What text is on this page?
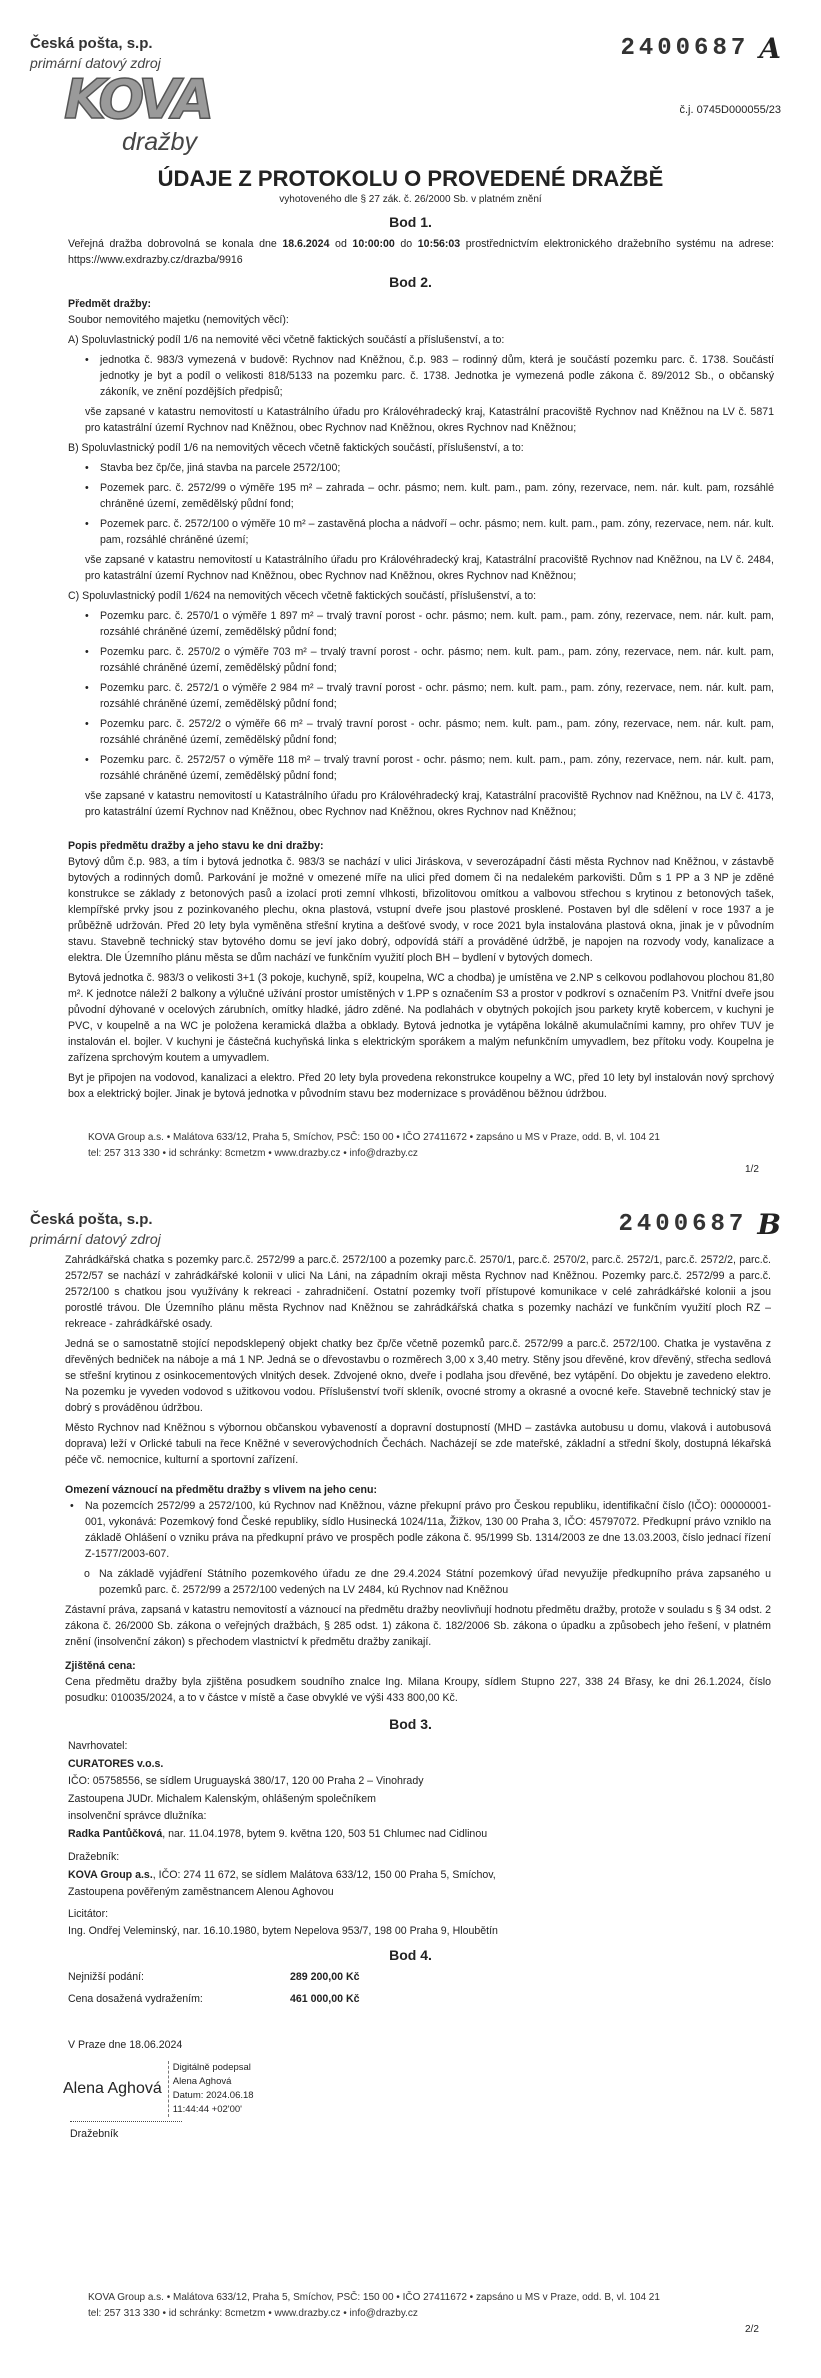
Česká pošta, s.p.
primární datový zdroj
KOVA
dražby
2400687 A
č.j. 0745D000055/23
ÚDAJE Z PROTOKOLU O PROVEDENÉ DRAŽBĚ
vyhotoveného dle § 27 zák. č. 26/2000 Sb. v platném znění
Bod 1.
Veřejná dražba dobrovolná se konala dne 18.6.2024 od 10:00:00 do 10:56:03 prostřednictvím elektronického dražebního systému na adrese: https://www.exdrazby.cz/drazba/9916
Bod 2.
Předmět dražby:

Soubor nemovitého majetku (nemovitých věcí):

A) Spoluvlastnický podíl 1/6 na nemovité věci včetně faktických součástí a příslušenství, a to:

• jednotka č. 983/3 vymezená v budově: Rychnov nad Kněžnou, č.p. 983 – rodinný dům, která je součástí pozemku parc. č. 1738. Součástí jednotky je byt a podíl o velikosti 818/5133 na pozemku parc. č. 1738. Jednotka je vymezená podle zákona č. 89/2012 Sb., o občanský zákoník, ve znění pozdějších předpisů;

vše zapsané v katastru nemovitostí u Katastrálního úřadu pro Královéhradecký kraj, Katastrální pracoviště Rychnov nad Kněžnou na LV č. 5871 pro katastrální území Rychnov nad Kněžnou, obec Rychnov nad Kněžnou, okres Rychnov nad Kněžnou;

B) Spoluvlastnický podíl 1/6 na nemovitých věcech včetně faktických součástí, příslušenství, a to:

• Stavba bez čp/če, jiná stavba na parcele 2572/100;
• Pozemek parc. č. 2572/99 o výměře 195 m² – zahrada – ochr. pásmo; nem. kult. pam., pam. zóny, rezervace, nem. nár. kult. pam, rozsáhlé chráněné území, zemědělský půdní fond;
• Pozemek parc. č. 2572/100 o výměře 10 m² – zastavěná plocha a nádvoří – ochr. pásmo; nem. kult. pam., pam. zóny, rezervace, nem. nár. kult. pam, rozsáhlé chráněné území;

vše zapsané v katastru nemovitostí u Katastrálního úřadu pro Královéhradecký kraj, Katastrální pracoviště Rychnov nad Kněžnou, na LV č. 2484, pro katastrální území Rychnov nad Kněžnou, obec Rychnov nad Kněžnou, okres Rychnov nad Kněžnou;

C) Spoluvlastnický podíl 1/624 na nemovitých věcech včetně faktických součástí, příslušenství, a to:

• Pozemku parc. č. 2570/1 o výměře 1 897 m² – trvalý travní porost - ochr. pásmo; nem. kult. pam., pam. zóny, rezervace, nem. nár. kult. pam, rozsáhlé chráněné území, zemědělský půdní fond;
• Pozemku parc. č. 2570/2 o výměře 703 m² – trvalý travní porost - ochr. pásmo; nem. kult. pam., pam. zóny, rezervace, nem. nár. kult. pam, rozsáhlé chráněné území, zemědělský půdní fond;
• Pozemku parc. č. 2572/1 o výměře 2 984 m² – trvalý travní porost - ochr. pásmo; nem. kult. pam., pam. zóny, rezervace, nem. nár. kult. pam, rozsáhlé chráněné území, zemědělský půdní fond;
• Pozemku parc. č. 2572/2 o výměře 66 m² – trvalý travní porost - ochr. pásmo; nem. kult. pam., pam. zóny, rezervace, nem. nár. kult. pam, rozsáhlé chráněné území, zemědělský půdní fond;
• Pozemku parc. č. 2572/57 o výměře 118 m² – trvalý travní porost - ochr. pásmo; nem. kult. pam., pam. zóny, rezervace, nem. nár. kult. pam, rozsáhlé chráněné území, zemědělský půdní fond;

vše zapsané v katastru nemovitostí u Katastrálního úřadu pro Královéhradecký kraj, Katastrální pracoviště Rychnov nad Kněžnou, na LV č. 4173, pro katastrální území Rychnov nad Kněžnou, obec Rychnov nad Kněžnou, okres Rychnov nad Kněžnou;

Popis předmětu dražby a jeho stavu ke dni dražby:

Bytový dům č.p. 983, a tím i bytová jednotka č. 983/3 se nachází v ulici Jiráskova, v severozápadní části města Rychnov nad Kněžnou, v zástavbě bytových a rodinných domů. Parkování je možné v omezené míře na ulici před domem či na nedalekém parkovišti. Dům s 1 PP a 3 NP je zděné konstrukce se základy z betonových pasů a izolací proti zemní vlhkosti, břizolitovou omítkou a valbovou střechou s krytinou z betonových tašek, klempířské prvky jsou z pozinkovaného plechu, okna plastová, vstupní dveře jsou plastové prosklené. Postaven byl dle sdělení v roce 1937 a je průběžně udržován. Před 20 lety byla vyměněna střešní krytina a dešťové svody, v roce 2021 byla instalována plastová okna, jinak je v původním stavu. Stavebně technický stav bytového domu se jeví jako dobrý, odpovídá stáří a prováděné údržbě, je napojen na rozvody vody, kanalizace a elektra. Dle Územního plánu města se dům nachází ve funkčním využití ploch BH – bydlení v bytových domech.

Bytová jednotka č. 983/3 o velikosti 3+1 (3 pokoje, kuchyně, spíž, koupelna, WC a chodba) je umístěna ve 2.NP s celkovou podlahovou plochou 81,80 m². K jednotce náleží 2 balkony a výlučné užívání prostor umístěných v 1.PP s označením S3 a prostor v podkroví s označením P3. Vnitřní dveře jsou původní dýhované v ocelových zárubních, omítky hladké, jádro zděné. Na podlahách v obytných pokojích jsou parkety krytě kobercem, v kuchyni je PVC, v koupelně a na WC je položena keramická dlažba a obklady. Bytová jednotka je vytápěna lokálně akumulačními kamny, pro ohřev TUV je instalován el. bojler. V kuchyni je částečná kuchyňská linka s elektrickým sporákem a malým nefunkčním umyvadlem, bez přítoku vody. Koupelna je zařízena sprchovým koutem a umyvadlem.

Byt je připojen na vodovod, kanalizaci a elektro. Před 20 lety byla provedena rekonstrukce koupelny a WC, před 10 lety byl instalován nový sprchový box a elektrický bojler. Jinak je bytová jednotka v původním stavu bez modernizace s prováděnou běžnou údržbou.

KOVA Group a.s. • Malátova 633/12, Praha 5, Smíchov, PSČ: 150 00 • IČO 27411672 • zapsáno u MS v Praze, odd. B, vl. 104 21
tel: 257 313 330 • id schránky: 8cmetzm • www.drazby.cz • info@drazby.cz
1/2
Česká pošta, s.p.
primární datový zdroj
2400687 B

Zahrádkářská chatka s pozemky parc.č. 2572/99 a parc.č. 2572/100 a pozemky parc.č. 2570/1, parc.č. 2570/2, parc.č. 2572/1, parc.č. 2572/2, parc.č. 2572/57 se nachází v zahrádkářské kolonii v ulici Na Láni, na západním okraji města Rychnov nad Kněžnou. Pozemky parc.č. 2572/99 a parc.č. 2572/100 s chatkou jsou využívány k rekreaci - zahradničení. Ostatní pozemky tvoří přístupové komunikace v celé zahrádkářské kolonii a jsou porostlé trávou. Dle Územního plánu města Rychnov nad Kněžnou se zahrádkářská chatka s pozemky nachází ve funkčním využití ploch RZ – rekreace - zahrádkářské osady.

Jedná se o samostatně stojící nepodsklepený objekt chatky bez čp/če včetně pozemků parc.č. 2572/99 a parc.č. 2572/100. Chatka je vystavěna z dřevěných bedniček na náboje a má 1 NP. Jedná se o dřevostavbu o rozměrech 3,00 x 3,40 metry. Stěny jsou dřevěné, krov dřevěný, střecha sedlová se střešní krytinou z osinkocementových vlnitých desek. Zdvojené okno, dveře i podlaha jsou dřevěné, bez vytápění. Do objektu je zavedeno elektro. Na pozemku je vyveden vodovod s užitkovou vodou. Příslušenství tvoří skleník, ovocné stromy a okrasné a ovocné keře. Stavebně technický stav je dobrý s prováděnou údržbou.

Město Rychnov nad Kněžnou s výbornou občanskou vybaveností a dopravní dostupností (MHD – zastávka autobusu u domu, vlaková i autobusová doprava) leží v Orlické tabuli na řece Kněžné v severovýchodních Čechách. Nacházejí se zde mateřské, základní a střední školy, dostupná lékařská péče vč. nemocnice, kulturní a sportovní zařízení.

Omezení váznoucí na předmětu dražby s vlivem na jeho cenu:
• Na pozemcích 2572/99 a 2572/100, kú Rychnov nad Kněžnou, vázne překupní právo pro Českou republiku, identifikační číslo (IČO): 00000001-001, vykonává: Pozemkový fond České republiky, sídlo Husinecká 1024/11a, Žižkov, 130 00 Praha 3, IČO: 45797072. Předkupní právo vzniklo na základě Ohlášení o vzniku práva na předkupní právo ve prospěch podle zákona č. 95/1999 Sb. 1314/2003 ze dne 13.03.2003, číslo jednací řízení Z-1577/2003-607.
o Na základě vyjádření Státního pozemkového úřadu ze dne 29.4.2024 Státní pozemkový úřad nevyužije předkupního práva zapsaného u pozemků parc. č. 2572/99 a 2572/100 vedených na LV 2484, kú Rychnov nad Kněžnou

Zástavní práva, zapsaná v katastru nemovitostí a váznoucí na předmětu dražby neovlivňují hodnotu předmětu dražby, protože v souladu s § 34 odst. 2 zákona č. 26/2000 Sb. zákona o veřejných dražbách, § 285 odst. 1) zákona č. 182/2006 Sb. zákona o úpadku a způsobech jeho řešení, v platném znění (insolvenční zákon) s přechodem vlastnictví k předmětu dražby zanikají.

Zjištěná cena:

Cena předmětu dražby byla zjištěna posudkem soudního znalce Ing. Milana Kroupy, sídlem Stupno 227, 338 24 Břasy, ke dni 26.1.2024, číslo posudku: 010035/2024, a to v částce v místě a čase obvyklé ve výši 433 800,00 Kč.

Bod 3.
Navrhovatel:
CURATORES v.o.s.
IČO: 05758556, se sídlem Uruguayská 380/17, 120 00 Praha 2 – Vinohrady
Zastoupena JUDr. Michalem Kalenským, ohlášeným společníkem
insolvenční správce dlužníka:
Radka Pantůčková, nar. 11.04.1978, bytem 9. května 120, 503 51 Chlumec nad Cidlinou
Dražebník:
KOVA Group a.s., IČO: 274 11 672, se sídlem Malátova 633/12, 150 00 Praha 5, Smíchov,
Zastoupena pověřeným zaměstnancem Alenou Aghovou
Licitátor:
Ing. Ondřej Veleminský, nar. 16.10.1980, bytem Nepelova 953/7, 198 00 Praha 9, Hloubětín
Bod 4.
Nejnižší podání:	289 200,00 Kč
Cena dosažená vydražením:	461 000,00 Kč
V Praze dne 18.06.2024
Alena Aghová
Digitálně podepsal
Alena Aghová
Datum: 2024.06.18
11:44:44 +02'00'
Dražebník
KOVA Group a.s. • Malátova 633/12, Praha 5, Smíchov, PSČ: 150 00 • IČO 27411672 • zapsáno u MS v Praze, odd. B, vl. 104 21
tel: 257 313 330 • id schránky: 8cmetzm • www.drazby.cz • info@drazby.cz
2/2
